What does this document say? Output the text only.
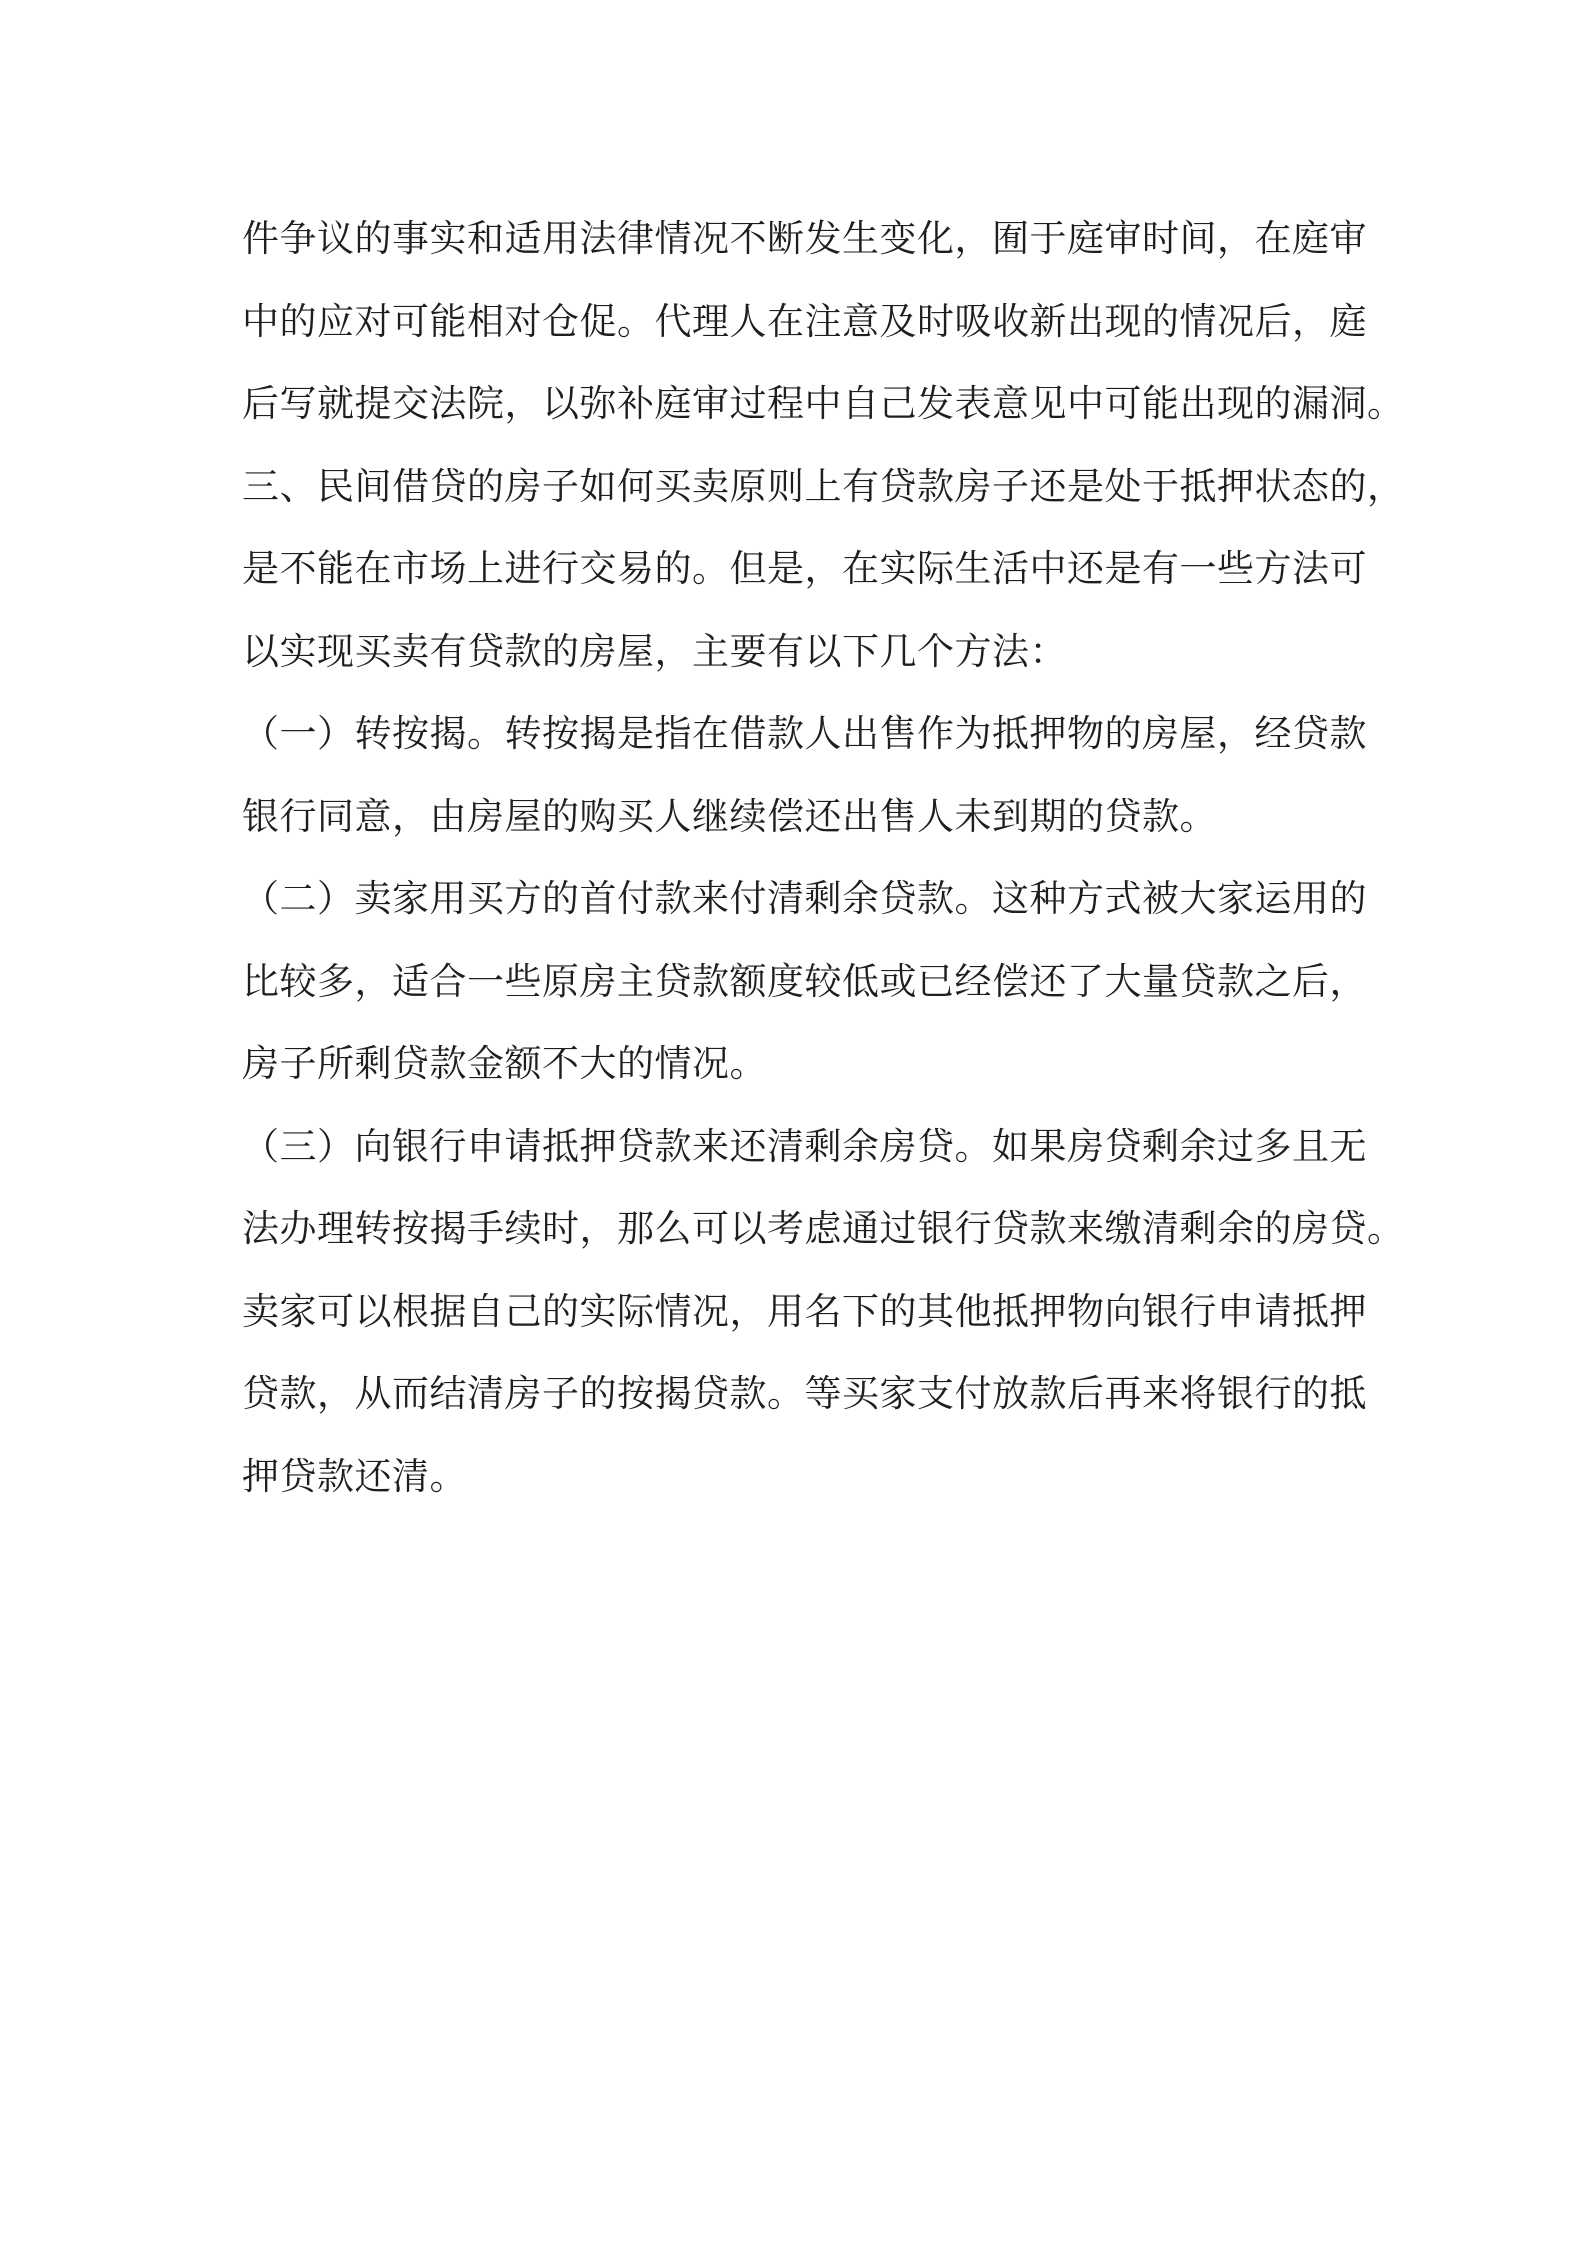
件争议的事实和适用法律情况不断发生变化，囿于庭审时间，在庭审
中的应对可能相对仓促。代理人在注意及时吸收新出现的情况后，庭
后写就提交法院，以弥补庭审过程中自己发表意见中可能出现的漏洞。
三、民间借贷的房子如何买卖原则上有贷款房子还是处于抵押状态的，
是不能在市场上进行交易的。但是，在实际生活中还是有一些方法可
以实现买卖有贷款的房屋，主要有以下几个方法：
（一）转按揭。转按揭是指在借款人出售作为抵押物的房屋，经贷款
银行同意，由房屋的购买人继续偿还出售人未到期的贷款。
（二）卖家用买方的首付款来付清剩余贷款。这种方式被大家运用的
比较多，适合一些原房主贷款额度较低或已经偿还了大量贷款之后，
房子所剩贷款金额不大的情况。
（三）向银行申请抵押贷款来还清剩余房贷。如果房贷剩余过多且无
法办理转按揭手续时，那么可以考虑通过银行贷款来缴清剩余的房贷。
卖家可以根据自己的实际情况，用名下的其他抵押物向银行申请抵押
贷款，从而结清房子的按揭贷款。等买家支付放款后再来将银行的抵
押贷款还清。
